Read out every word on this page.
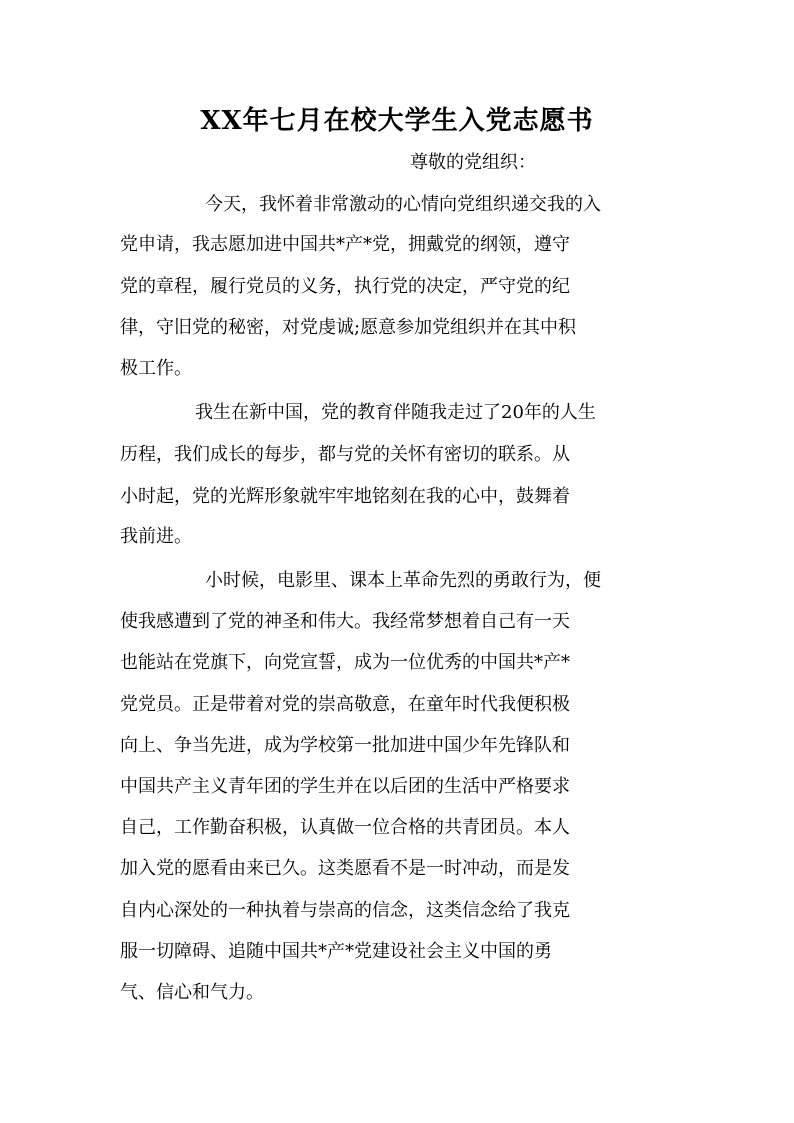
XX年七月在校大学生入党志愿书

尊敬的党组织：

今天，我怀着非常激动的心情向党组织递交我的入

党申请，我志愿加进中国共*产*党，拥戴党的纲领，遵守

党的章程，履行党员的义务，执行党的决定，严守党的纪

律，守旧党的秘密，对党虔诚;愿意参加党组织并在其中积

极工作。

我生在新中国，党的教育伴随我走过了20年的人生

历程，我们成长的每步，都与党的关怀有密切的联系。从

小时起，党的光辉形象就牢牢地铭刻在我的心中，鼓舞着

我前进。

小时候，电影里、课本上革命先烈的勇敢行为，便

使我感遭到了党的神圣和伟大。我经常梦想着自己有一天

也能站在党旗下，向党宣誓，成为一位优秀的中国共*产*

党党员。正是带着对党的崇高敬意，在童年时代我便积极

向上、争当先进，成为学校第一批加进中国少年先锋队和

中国共产主义青年团的学生并在以后团的生活中严格要求

自己，工作勤奋积极，认真做一位合格的共青团员。本人

加入党的愿看由来已久。这类愿看不是一时冲动，而是发

自内心深处的一种执着与崇高的信念，这类信念给了我克

服一切障碍、追随中国共*产*党建设社会主义中国的勇

气、信心和气力。
